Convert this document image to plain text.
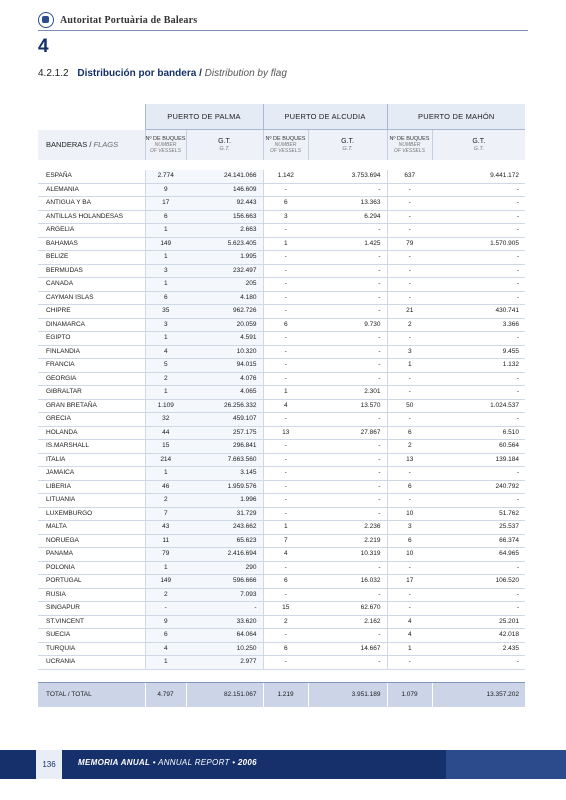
Autoritat Portuària de Balears
4
4.2.1.2 Distribución por bandera / Distribution by flag
	PUERTO DE PALMA		PUERTO DE ALCUDIA		PUERTO DE MAHÓN	
BANDERAS / FLAGS	Nº DE BUQUES
NUMBER
OF VESSELS	G.T.
G.T.	Nº DE BUQUES
NUMBER
OF VESSELS	G.T.
G.T.	Nº DE BUQUES
NUMBER
OF VESSELS	G.T.
G.T.

ESPAÑA	2.774	24.141.066	1.142	3.753.694	637	9.441.172
ALEMANIA	9	146.609	-	-	-	-
ANTIGUA Y BA	17	92.443	6	13.363	-	-
ANTILLAS HOLANDESAS	6	156.663	3	6.294	-	-
ARGELIA	1	2.663	-	-	-	-
BAHAMAS	149	5.623.405	1	1.425	79	1.570.905
BELIZE	1	1.995	-	-	-	-
BERMUDAS	3	232.497	-	-	-	-
CANADA	1	205	-	-	-	-
CAYMAN ISLAS	6	4.180	-	-	-	-
CHIPRE	35	962.726	-	-	21	430.741
DINAMARCA	3	20.059	6	9.730	2	3.366
EGIPTO	1	4.591	-	-	-	-
FINLANDIA	4	10.320	-	-	3	9.455
FRANCIA	5	94.015	-	-	1	1.132
GEORGIA	2	4.076	-	-	-	-
GIBRALTAR	1	4.065	1	2.301	-	-
GRAN BRETAÑA	1.109	26.256.332	4	13.570	50	1.024.537
GRECIA	32	459.107	-	-	-	-
HOLANDA	44	257.175	13	27.867	6	6.510
IS.MARSHALL	15	296.841	-	-	2	60.564
ITALIA	214	7.663.560	-	-	13	139.184
JAMAICA	1	3.145	-	-	-	-
LIBERIA	46	1.959.576	-	-	6	240.792
LITUANIA	2	1.996	-	-	-	-
LUXEMBURGO	7	31.729	-	-	10	51.762
MALTA	43	243.662	1	2.236	3	25.537
NORUEGA	11	65.623	7	2.219	6	66.374
PANAMA	79	2.416.694	4	10.319	10	64.965
POLONIA	1	290	-	-	-	-
PORTUGAL	149	596.666	6	16.032	17	106.520
RUSIA	2	7.093	-	-	-	-
SINGAPUR	-	-	15	62.670	-	-
ST.VINCENT	9	33.620	2	2.162	4	25.201
SUECIA	6	64.064	-	-	4	42.018
TURQUIA	4	10.250	6	14.667	1	2.435
UCRANIA	1	2.977	-	-	-	-

TOTAL / TOTAL	4.797	82.151.067	1.219	3.951.189	1.079	13.357.202
136	MEMORIA ANUAL • ANNUAL REPORT • 2006
